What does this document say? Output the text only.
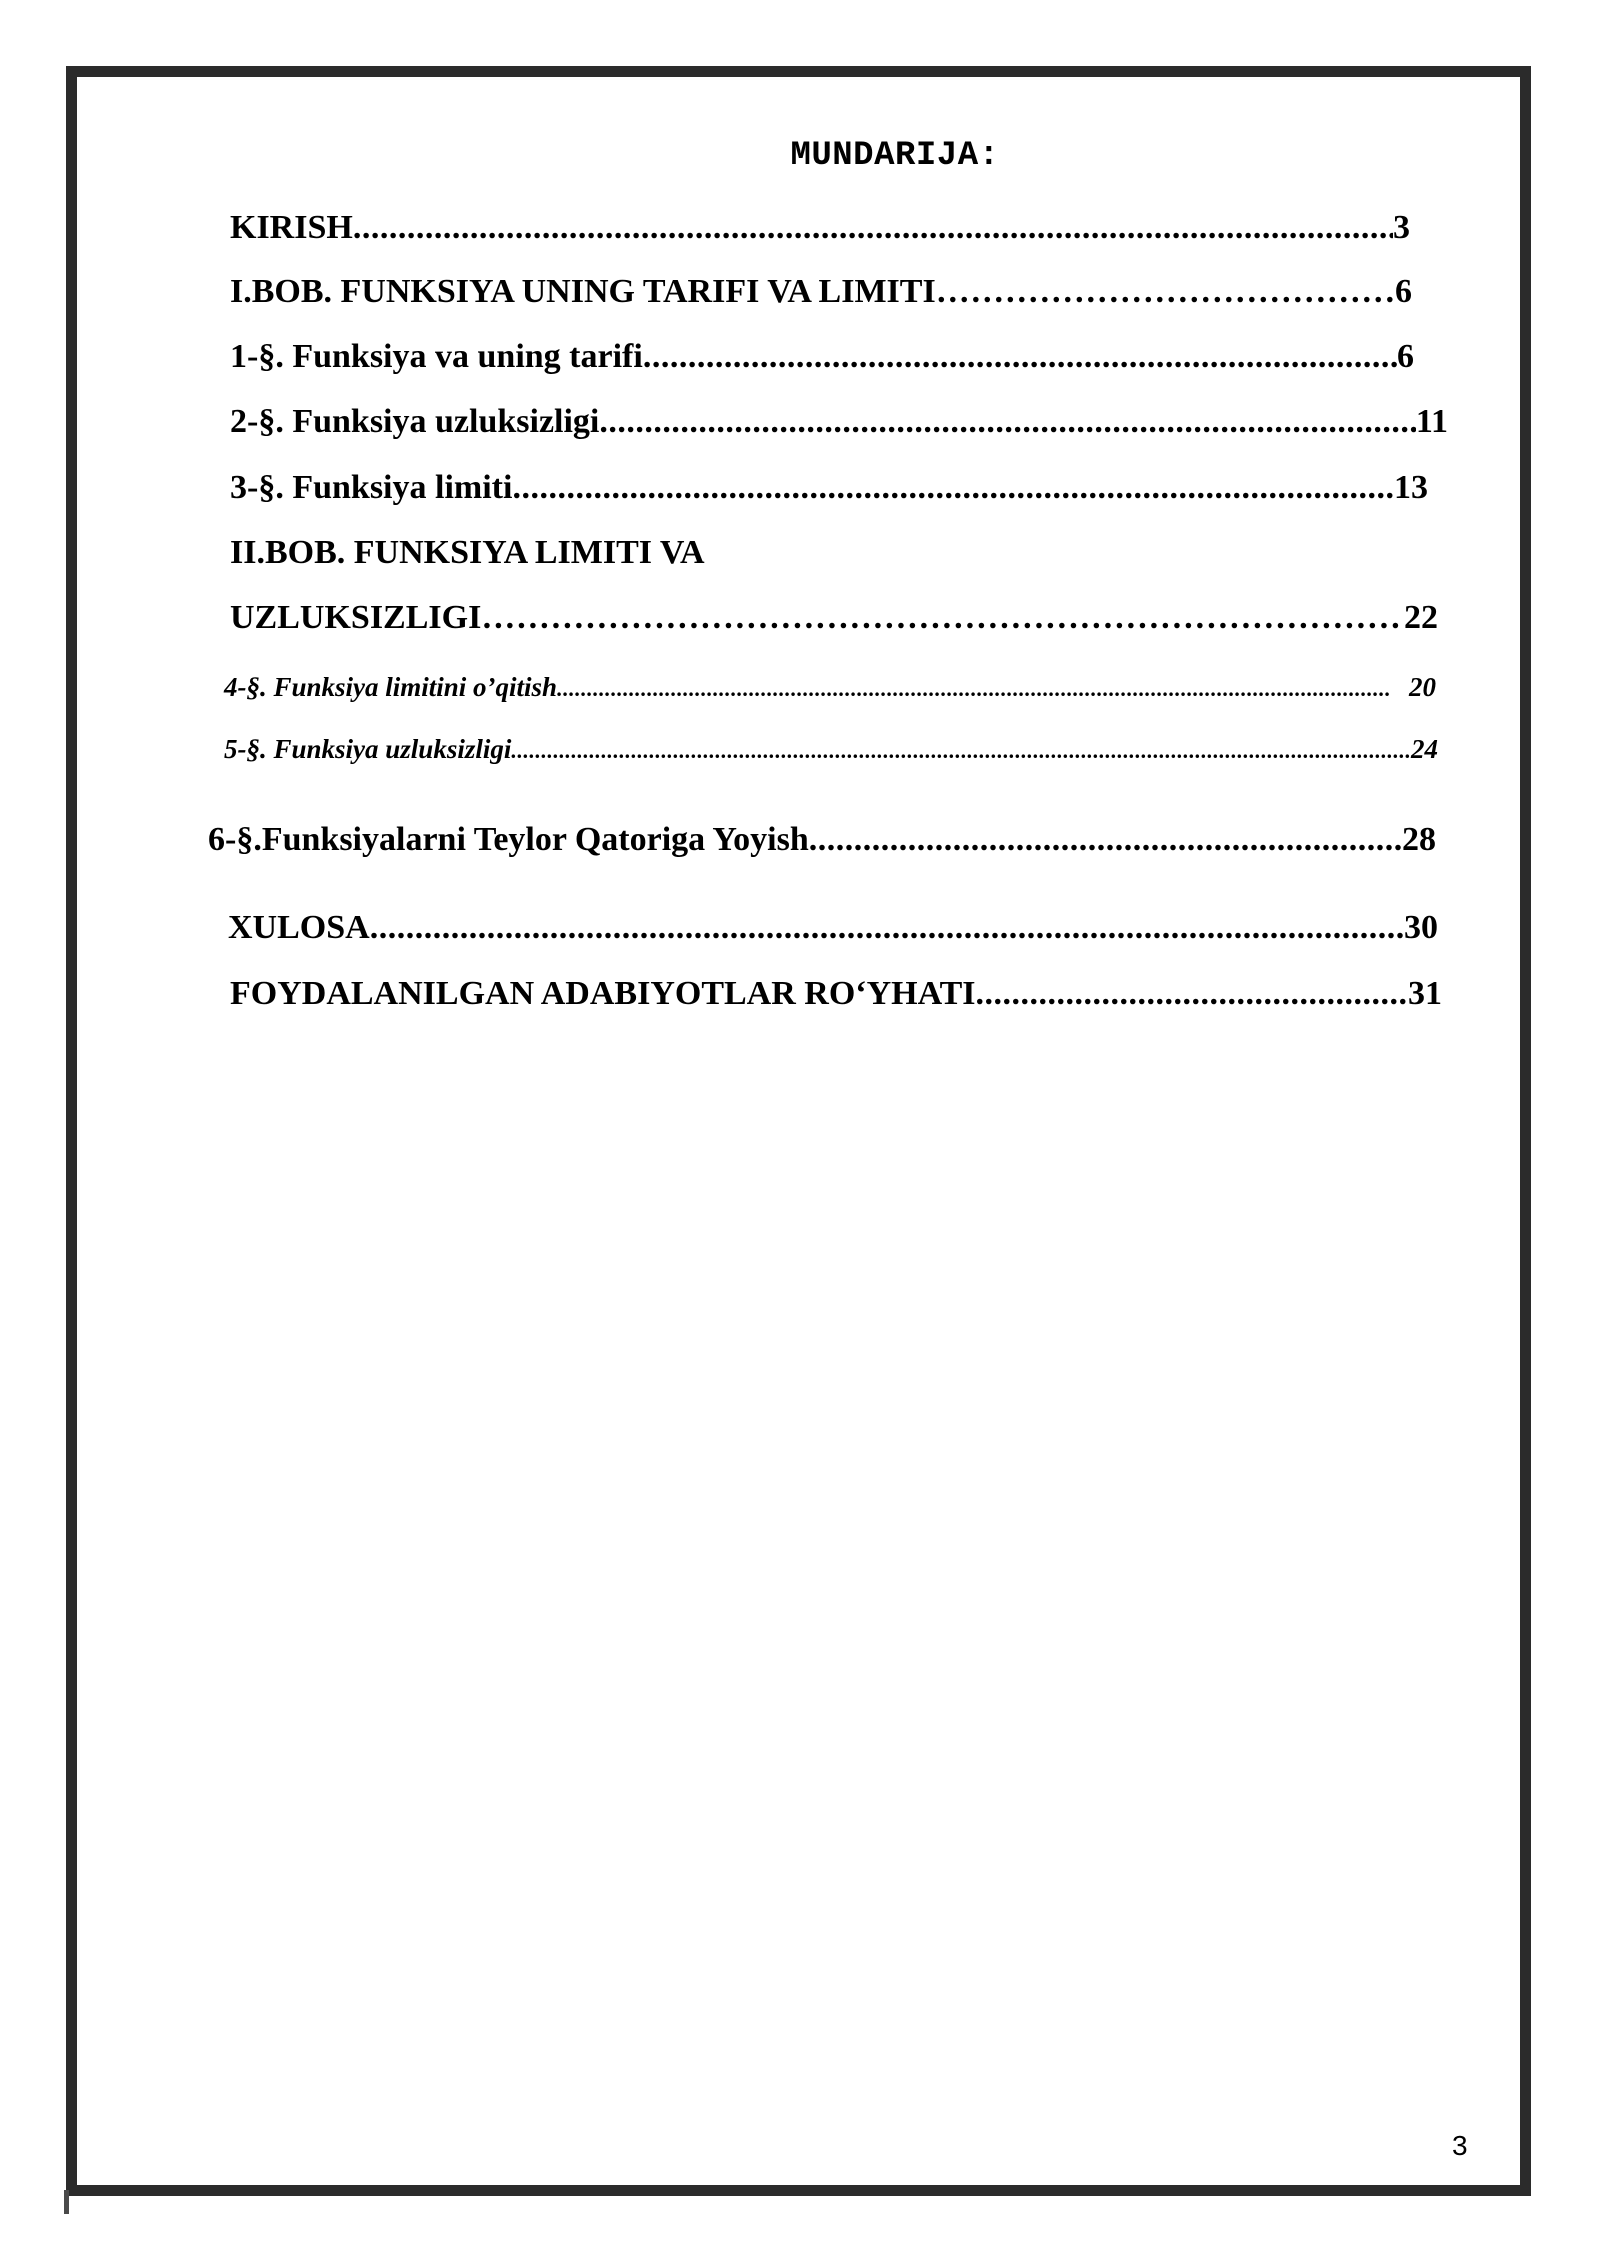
MUNDARIJA:
KIRISH .....	3
I.BOB. FUNKSIYA UNING TARIFI VA LIMITI …………………………………………………………………………………………………………………………………………………………………………………………………………………	6
1-§. Funksiya va uning tarifi .....	6
2-§. Funksiya uzluksizligi .....	11
3-§. Funksiya limiti .....	13
II.BOB. FUNKSIYA LIMITI VA
UZLUKSIZLIGI …………………………………………………………………………………………………………………………………………………………………………………………………………………	22
4-§. Funksiya limitini o’qitish .....	20
5-§. Funksiya uzluksizligi .....	24
6-§.Funksiyalarni Teylor Qatoriga Yoyish .....	28
XULOSA .....	30
FOYDALANILGAN ADABIYOTLAR RO‘YHATI .....	31
3
